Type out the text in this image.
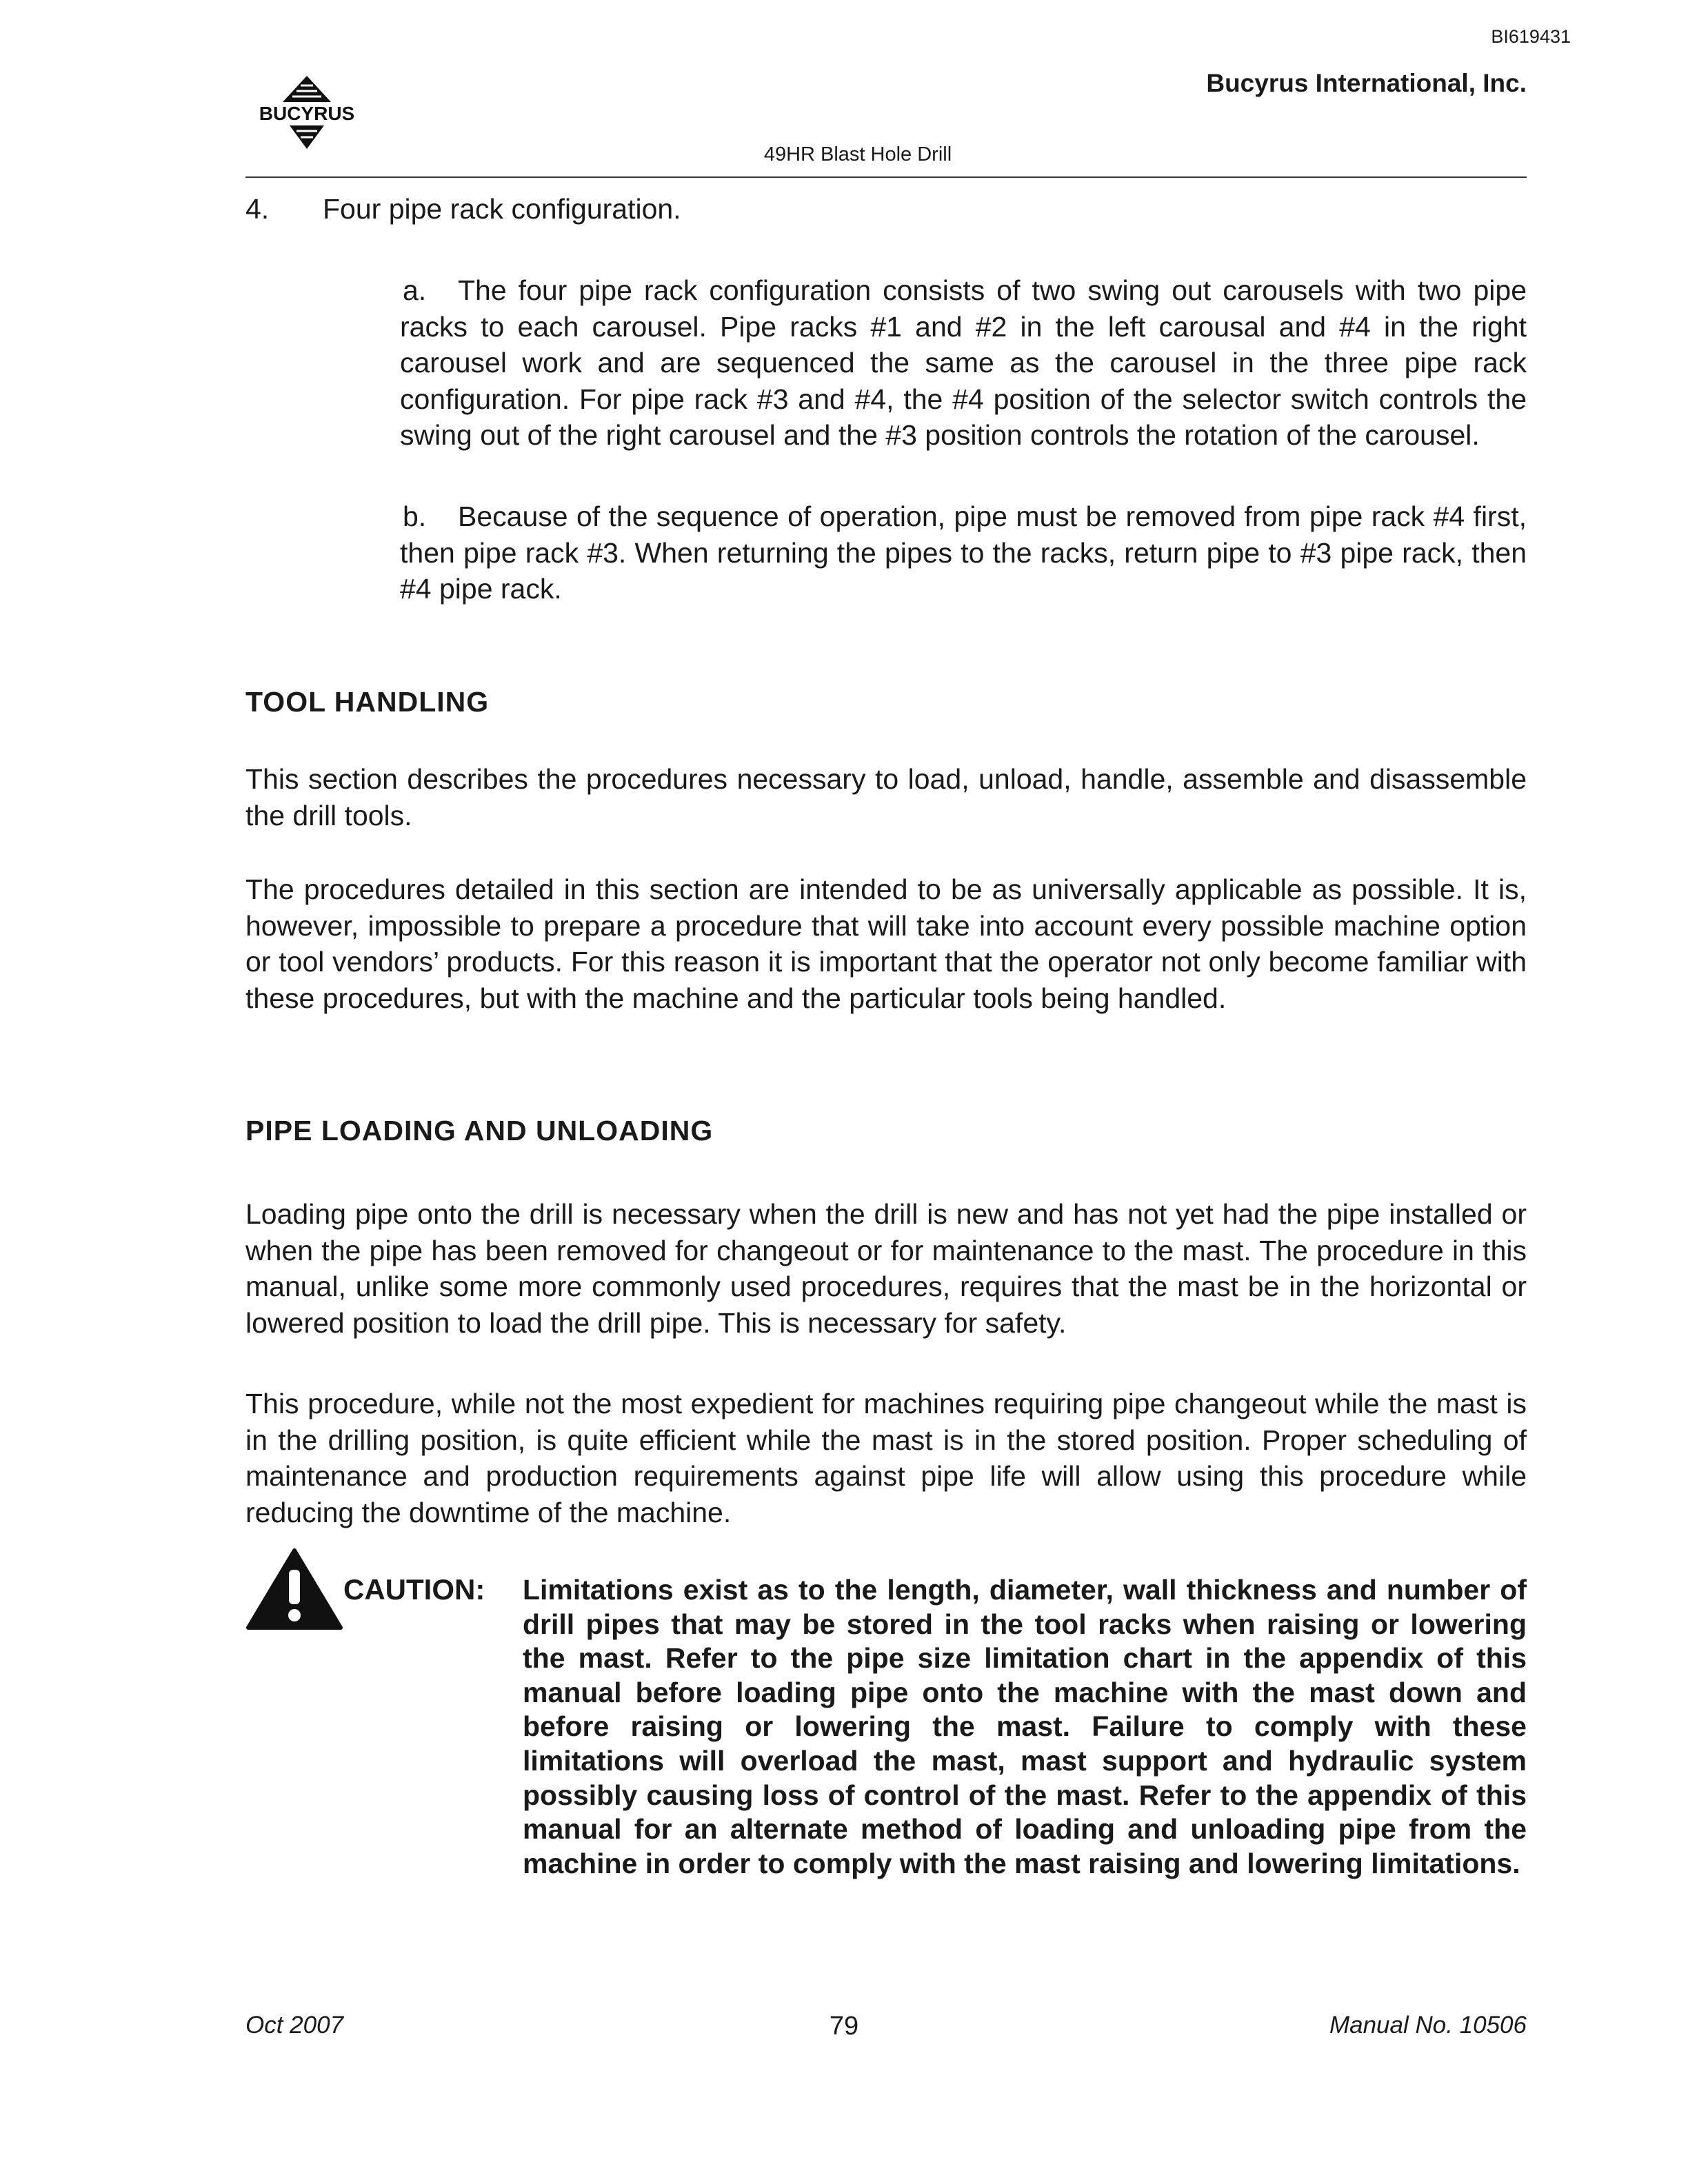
BI619431
BUCYRUS
Bucyrus International, Inc.
49HR Blast Hole Drill
4. Four pipe rack configuration.
a. The four pipe rack configuration consists of two swing out carousels with two pipe racks to each carousel. Pipe racks #1 and #2 in the left carousal and #4 in the right carousel work and are sequenced the same as the carousel in the three pipe rack configuration. For pipe rack #3 and #4, the #4 position of the selector switch controls the swing out of the right carousel and the #3 position controls the rotation of the carousel.
b. Because of the sequence of operation, pipe must be removed from pipe rack #4 first, then pipe rack #3. When returning the pipes to the racks, return pipe to #3 pipe rack, then #4 pipe rack.
TOOL HANDLING
This section describes the procedures necessary to load, unload, handle, assemble and disassemble the drill tools.
The procedures detailed in this section are intended to be as universally applicable as possible. It is, however, impossible to prepare a procedure that will take into account every possible machine option or tool vendors’ products. For this reason it is important that the operator not only become familiar with these procedures, but with the machine and the particular tools being handled.
PIPE LOADING AND UNLOADING
Loading pipe onto the drill is necessary when the drill is new and has not yet had the pipe installed or when the pipe has been removed for changeout or for maintenance to the mast. The procedure in this manual, unlike some more commonly used procedures, requires that the mast be in the horizontal or lowered position to load the drill pipe. This is necessary for safety.
This procedure, while not the most expedient for machines requiring pipe changeout while the mast is in the drilling position, is quite efficient while the mast is in the stored position. Proper scheduling of maintenance and production requirements against pipe life will allow using this procedure while reducing the downtime of the machine.
CAUTION: Limitations exist as to the length, diameter, wall thickness and number of drill pipes that may be stored in the tool racks when raising or lowering the mast. Refer to the pipe size limitation chart in the appendix of this manual before loading pipe onto the machine with the mast down and before raising or lowering the mast. Failure to comply with these limitations will overload the mast, mast support and hydraulic system possibly causing loss of control of the mast. Refer to the appendix of this manual for an alternate method of loading and unloading pipe from the machine in order to comply with the mast raising and lowering limitations.
Oct 2007	79	Manual No. 10506
